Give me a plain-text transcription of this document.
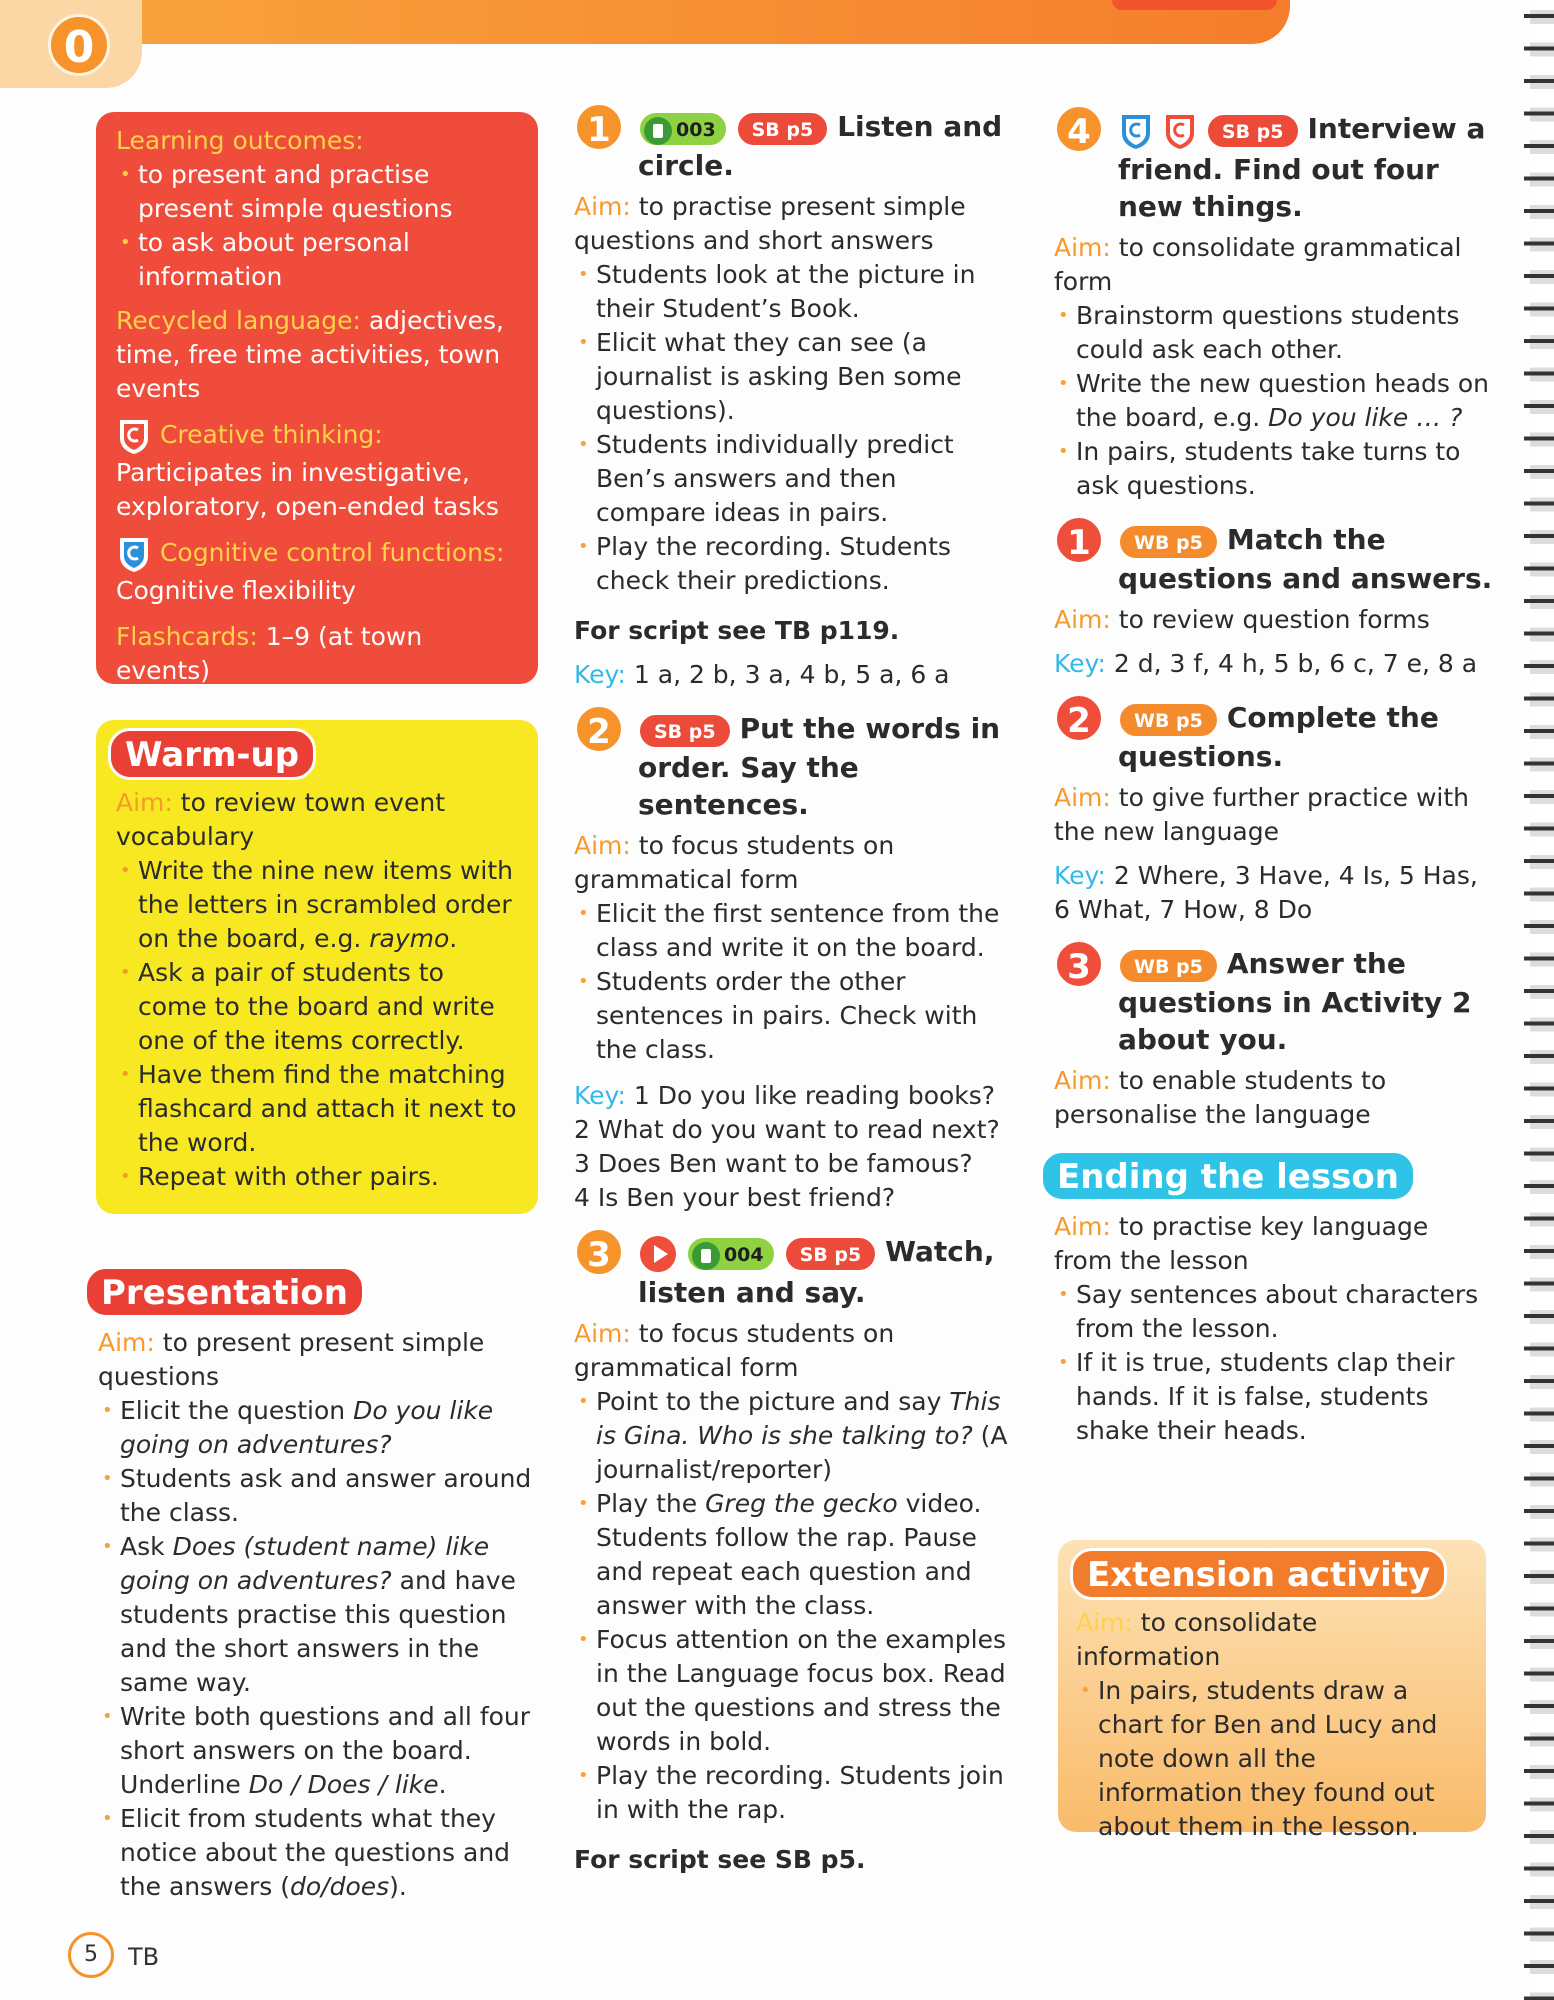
0
Learning outcomes:
• to present and practise present simple questions
• to ask about personal information
Recycled language: adjectives, time, free time activities, town events
Creative thinking:
Participates in investigative, exploratory, open-ended tasks
Cognitive control functions:
Cognitive flexibility
Flashcards: 1–9 (at town events)
Warm-up
Aim: to review town event vocabulary
• Write the nine new items with the letters in scrambled order on the board, e.g. raymo.
• Ask a pair of students to come to the board and write one of the items correctly.
• Have them find the matching flashcard and attach it next to the word.
• Repeat with other pairs.
Presentation
Aim: to present present simple questions
• Elicit the question Do you like going on adventures?
• Students ask and answer around the class.
• Ask Does (student name) like going on adventures? and have students practise this question and the short answers in the same way.
• Write both questions and all four short answers on the board. Underline Do / Does / like.
• Elicit from students what they notice about the questions and the answers (do/does).
1	003 SB p5 Listen and circle.
Aim: to practise present simple questions and short answers
• Students look at the picture in their Student’s Book.
• Elicit what they can see (a journalist is asking Ben some questions).
• Students individually predict Ben’s answers and then compare ideas in pairs.
• Play the recording. Students check their predictions.
For script see TB p119.
Key: 1 a, 2 b, 3 a, 4 b, 5 a, 6 a
2	SB p5 Put the words in order. Say the sentences.
Aim: to focus students on grammatical form
• Elicit the first sentence from the class and write it on the board.
• Students order the other sentences in pairs. Check with the class.
Key: 1 Do you like reading books?
2 What do you want to read next?
3 Does Ben want to be famous?
4 Is Ben your best friend?
3	004 SB p5 Watch, listen and say.
Aim: to focus students on grammatical form
• Point to the picture and say This is Gina. Who is she talking to? (A journalist/reporter)
• Play the Greg the gecko video. Students follow the rap. Pause and repeat each question and answer with the class.
• Focus attention on the examples in the Language focus box. Read out the questions and stress the words in bold.
• Play the recording. Students join in with the rap.
For script see SB p5.
4	SB p5 Interview a friend. Find out four new things.
Aim: to consolidate grammatical form
• Brainstorm questions students could ask each other.
• Write the new question heads on the board, e.g. Do you like … ?
• In pairs, students take turns to ask questions.
1	WB p5 Match the questions and answers.
Aim: to review question forms
Key: 2 d, 3 f, 4 h, 5 b, 6 c, 7 e, 8 a
2	WB p5 Complete the questions.
Aim: to give further practice with the new language
Key: 2 Where, 3 Have, 4 Is, 5 Has, 6 What, 7 How, 8 Do
3	WB p5 Answer the questions in Activity 2 about you.
Aim: to enable students to personalise the language
Ending the lesson
Aim: to practise key language from the lesson
• Say sentences about characters from the lesson.
• If it is true, students clap their hands. If it is false, students shake their heads.
Extension activity
Aim: to consolidate information
• In pairs, students draw a chart for Ben and Lucy and note down all the information they found out about them in the lesson.
5	TB
